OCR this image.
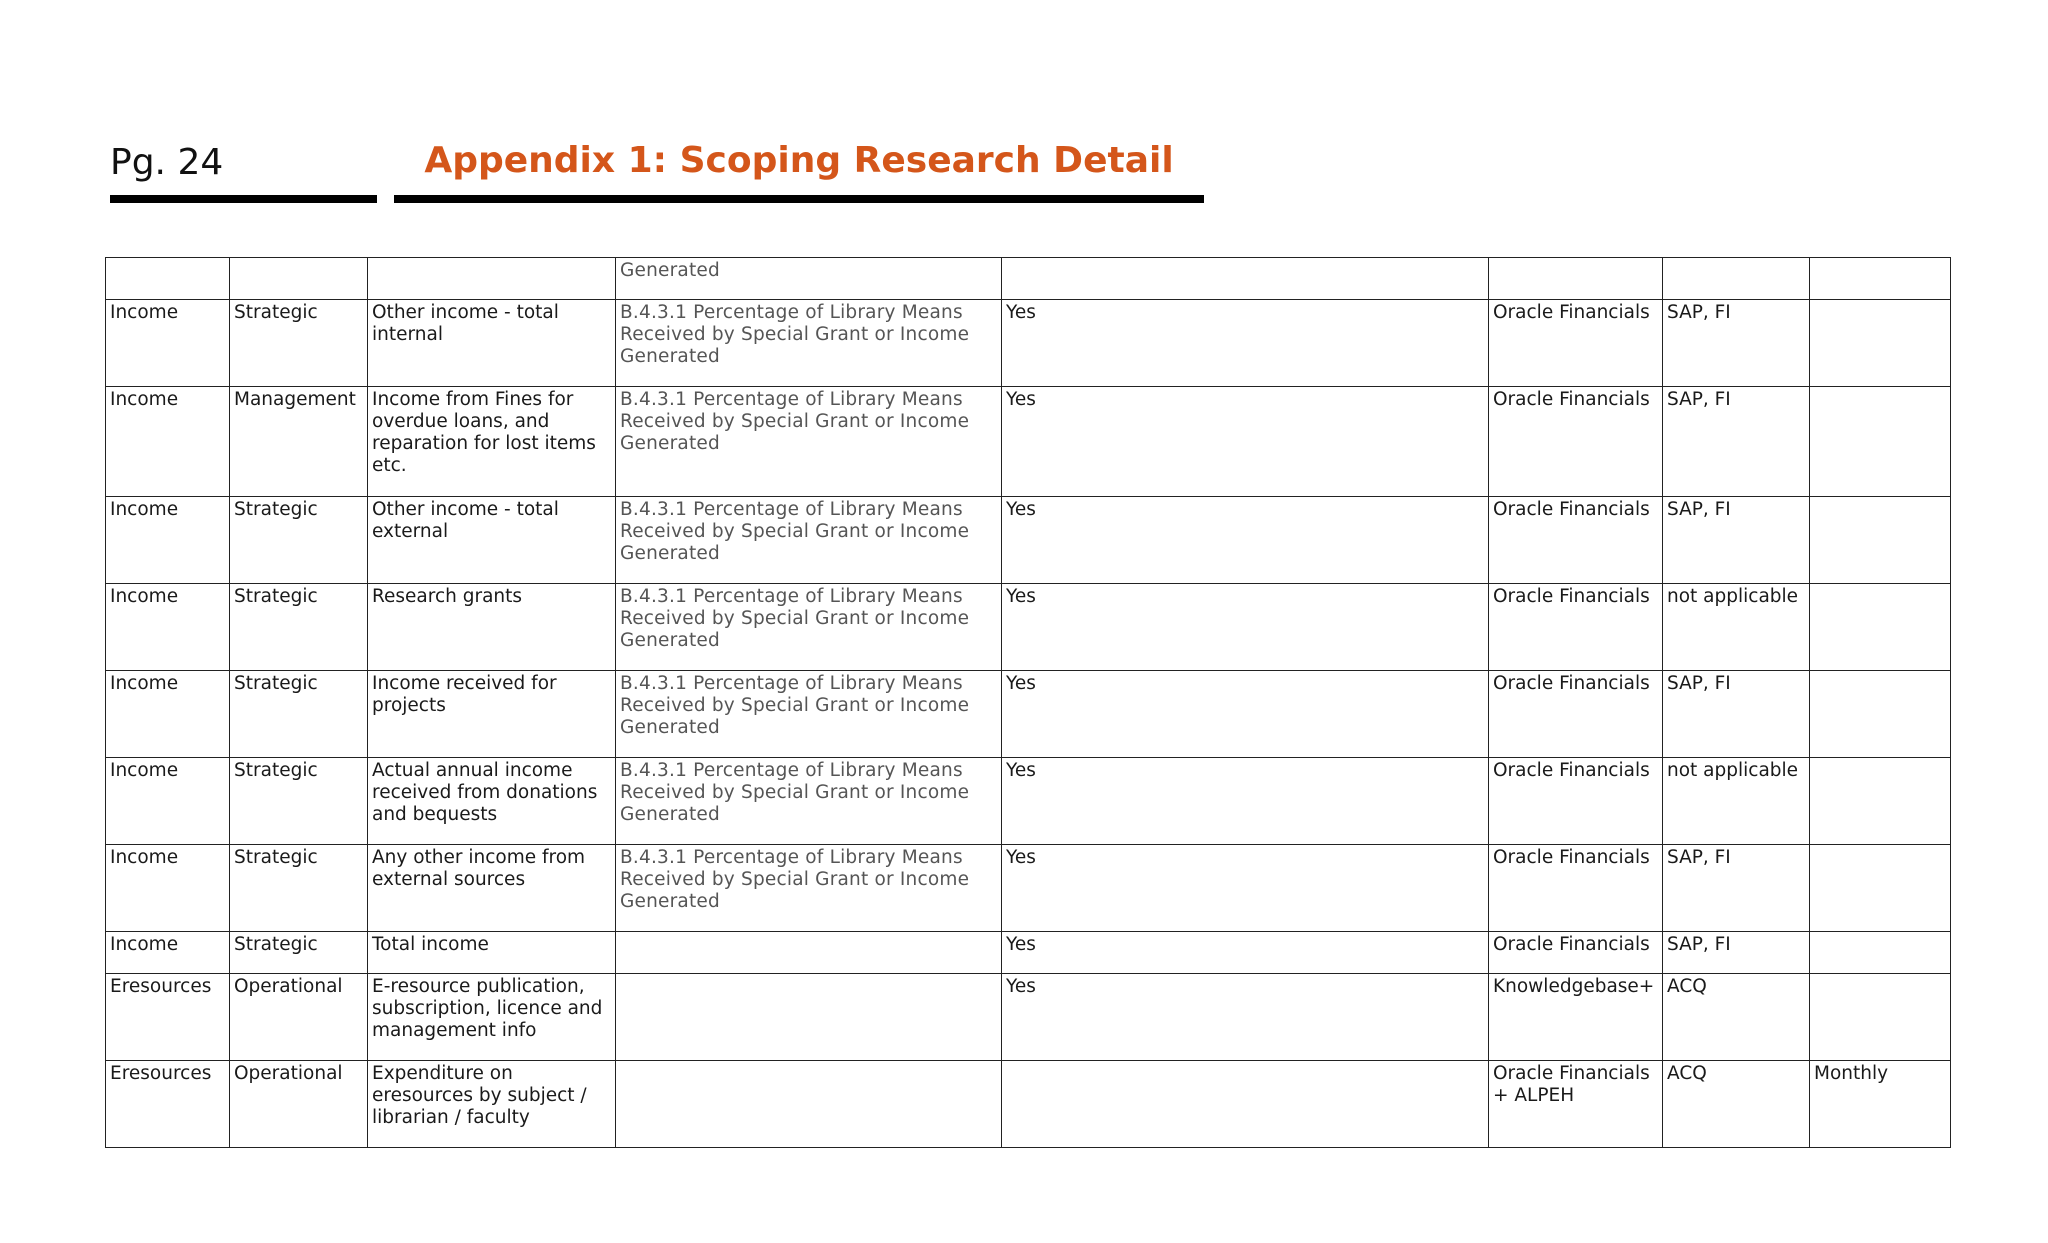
Pg. 24	Appendix 1: Scoping Research Detail
			Generated				
Income	Strategic	Other income - total internal	B.4.3.1 Percentage of Library Means Received by Special Grant or Income Generated	Yes	Oracle Financials	SAP, FI	
Income	Management	Income from Fines for overdue loans, and reparation for lost items etc.	B.4.3.1 Percentage of Library Means Received by Special Grant or Income Generated	Yes	Oracle Financials	SAP, FI	
Income	Strategic	Other income - total external	B.4.3.1 Percentage of Library Means Received by Special Grant or Income Generated	Yes	Oracle Financials	SAP, FI	
Income	Strategic	Research grants	B.4.3.1 Percentage of Library Means Received by Special Grant or Income Generated	Yes	Oracle Financials	not applicable	
Income	Strategic	Income received for projects	B.4.3.1 Percentage of Library Means Received by Special Grant or Income Generated	Yes	Oracle Financials	SAP, FI	
Income	Strategic	Actual annual income received from donations and bequests	B.4.3.1 Percentage of Library Means Received by Special Grant or Income Generated	Yes	Oracle Financials	not applicable	
Income	Strategic	Any other income from external sources	B.4.3.1 Percentage of Library Means Received by Special Grant or Income Generated	Yes	Oracle Financials	SAP, FI	
Income	Strategic	Total income		Yes	Oracle Financials	SAP, FI	
Eresources	Operational	E-resource publication, subscription, licence and management info		Yes	Knowledgebase+	ACQ	
Eresources	Operational	Expenditure on eresources by subject / librarian / faculty			Oracle Financials + ALPEH	ACQ	Monthly
